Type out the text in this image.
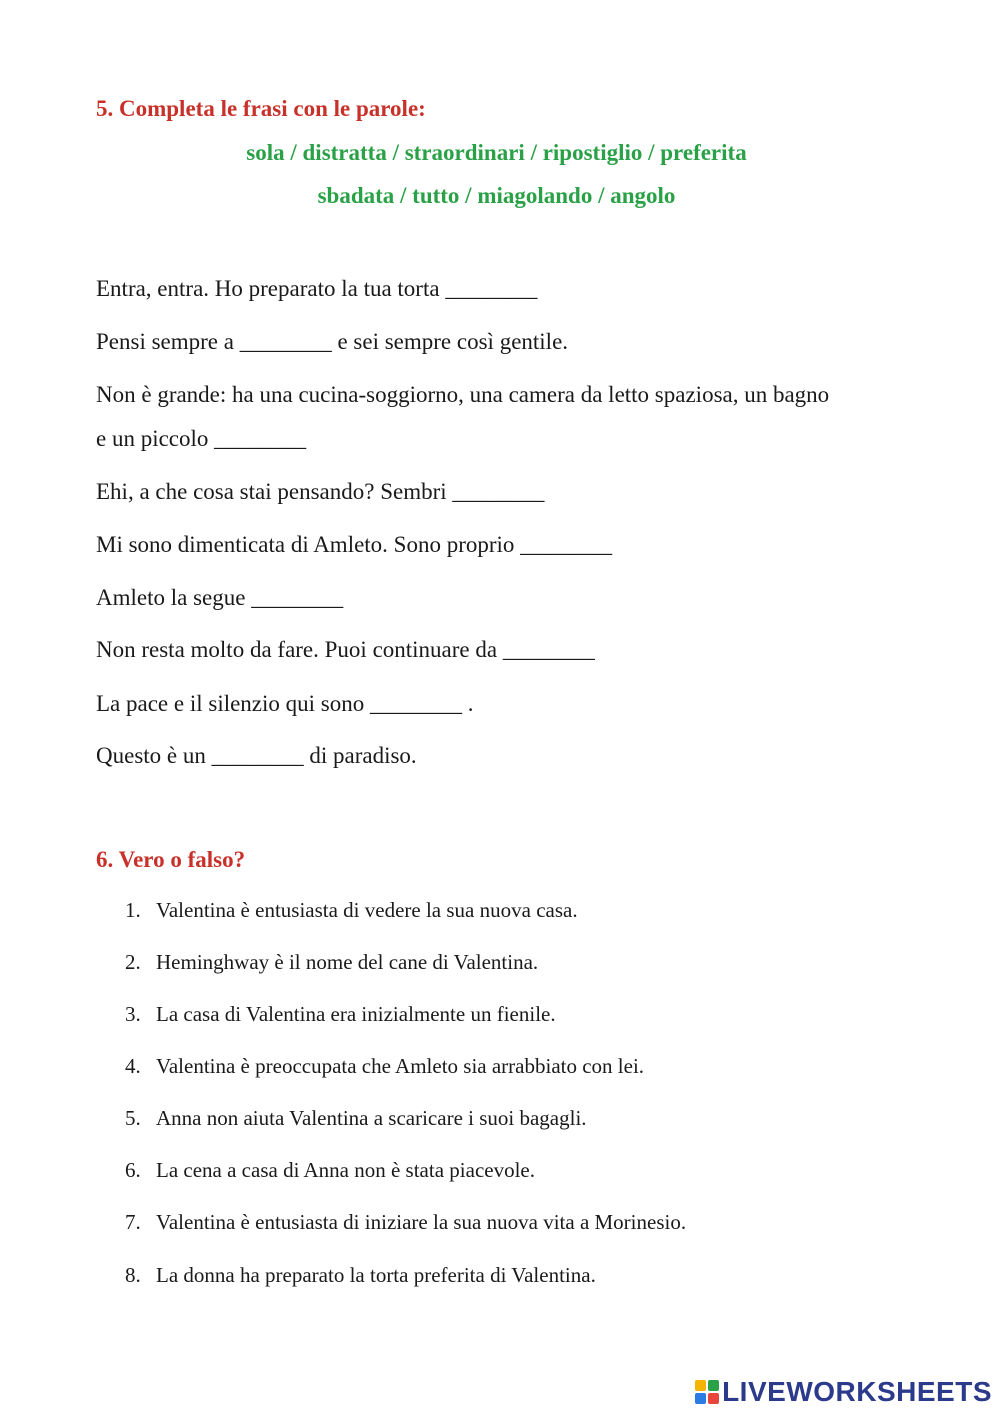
5. Completa le frasi con le parole:
sola / distratta / straordinari / ripostiglio / preferita
sbadata / tutto / miagolando / angolo
Entra, entra. Ho preparato la tua torta ________
Pensi sempre a ________ e sei sempre così gentile.
Non è grande: ha una cucina-soggiorno, una camera da letto spaziosa, un bagno
e un piccolo ________
Ehi, a che cosa stai pensando? Sembri ________
Mi sono dimenticata di Amleto. Sono proprio ________
Amleto la segue ________
Non resta molto da fare. Puoi continuare da ________
La pace e il silenzio qui sono ________ .
Questo è un ________ di paradiso.
6. Vero o falso?
1. Valentina è entusiasta di vedere la sua nuova casa.
2. Heminghway è il nome del cane di Valentina.
3. La casa di Valentina era inizialmente un fienile.
4. Valentina è preoccupata che Amleto sia arrabbiato con lei.
5. Anna non aiuta Valentina a scaricare i suoi bagagli.
6. La cena a casa di Anna non è stata piacevole.
7. Valentina è entusiasta di iniziare la sua nuova vita a Morinesio.
8. La donna ha preparato la torta preferita di Valentina.
LIVEWORKSHEETS
